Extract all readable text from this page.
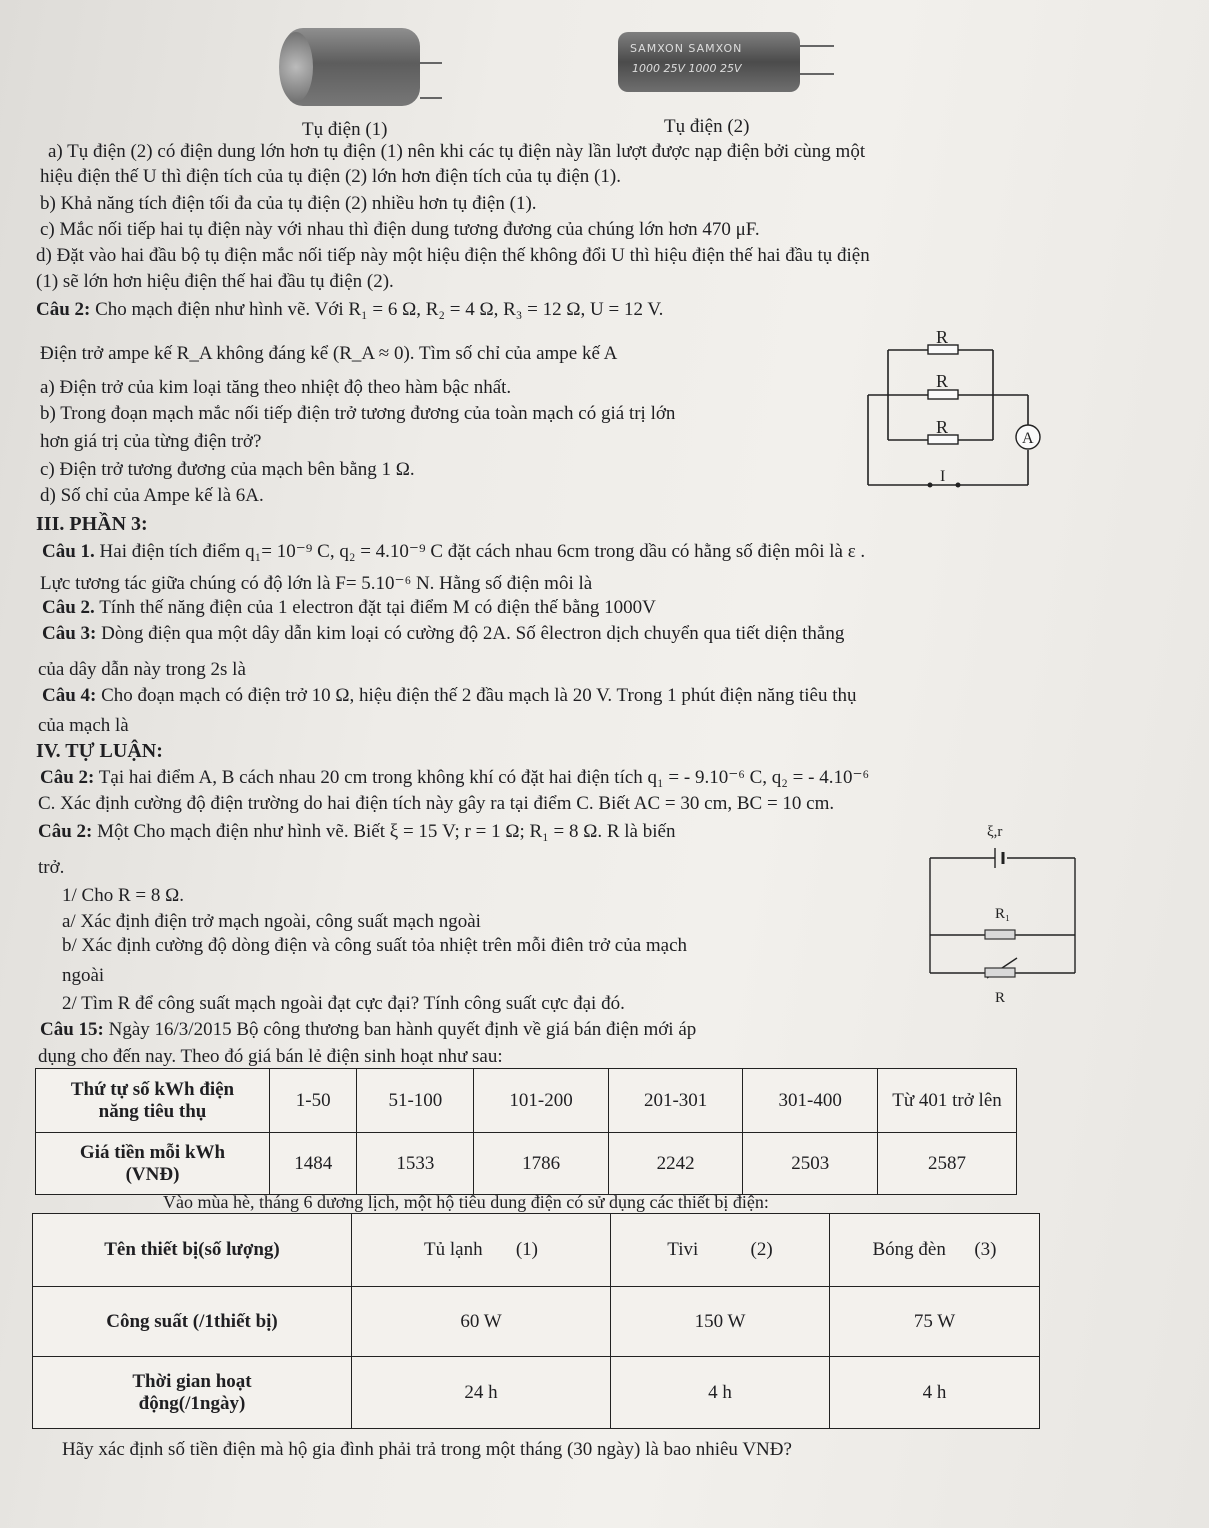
SAMXON SAMXON
1000 25V 1000 25V
Tụ điện (1)	Tụ điện (2)
a) Tụ điện (2) có điện dung lớn hơn tụ điện (1) nên khi các tụ điện này lần lượt được nạp điện bởi cùng một
hiệu điện thế U thì điện tích của tụ điện (2) lớn hơn điện tích của tụ điện (1).
b) Khả năng tích điện tối đa của tụ điện (2) nhiều hơn tụ điện (1).
c) Mắc nối tiếp hai tụ điện này với nhau thì điện dung tương đương của chúng lớn hơn 470 μF.
d) Đặt vào hai đầu bộ tụ điện mắc nối tiếp này một hiệu điện thế không đổi U thì hiệu điện thế hai đầu tụ điện
(1) sẽ lớn hơn hiệu điện thế hai đầu tụ điện (2).
Câu 2: Cho mạch điện như hình vẽ. Với R₁ = 6 Ω, R₂ = 4 Ω, R₃ = 12 Ω, U = 12 V.
Điện trở ampe kế R_A không đáng kể (R_A ≈ 0). Tìm số chỉ của ampe kế A
a) Điện trở của kim loại tăng theo nhiệt độ theo hàm bậc nhất.
b) Trong đoạn mạch mắc nối tiếp điện trở tương đương của toàn mạch có giá trị lớn
hơn giá trị của từng điện trở?
c) Điện trở tương đương của mạch bên bằng 1 Ω.
d) Số chỉ của Ampe kế là 6A.
R
R
R
A
I
III. PHẦN 3:
Câu 1. Hai điện tích điểm q₁= 10⁻⁹ C, q₂ = 4.10⁻⁹ C đặt cách nhau 6cm trong dầu có hằng số điện môi là ε .
Lực tương tác giữa chúng có độ lớn là F= 5.10⁻⁶ N. Hằng số điện môi là
Câu 2. Tính thế năng điện của 1 electron đặt tại điểm M có điện thế bằng 1000V
Câu 3: Dòng điện qua một dây dẫn kim loại có cường độ 2A. Số êlectron dịch chuyển qua tiết diện thẳng
của dây dẫn này trong 2s là
Câu 4: Cho đoạn mạch có điện trở 10 Ω, hiệu điện thế 2 đầu mạch là 20 V. Trong 1 phút điện năng tiêu thụ
của mạch là
IV. TỰ LUẬN:
Câu 2: Tại hai điểm A, B cách nhau 20 cm trong không khí có đặt hai điện tích q₁ = - 9.10⁻⁶ C, q₂ = - 4.10⁻⁶
C. Xác định cường độ điện trường do hai điện tích này gây ra tại điểm C. Biết AC = 30 cm, BC = 10 cm.
Câu 2: Một Cho mạch điện như hình vẽ. Biết ξ = 15 V; r = 1 Ω; R₁ = 8 Ω. R là biến
trở.
1/ Cho R = 8 Ω.
a/ Xác định điện trở mạch ngoài, công suất mạch ngoài
b/ Xác định cường độ dòng điện và công suất tỏa nhiệt trên mỗi điên trở của mạch
ngoài
2/ Tìm R để công suất mạch ngoài đạt cực đại? Tính công suất cực đại đó.
ξ,r
R₁
R
Câu 15: Ngày 16/3/2015 Bộ công thương ban hành quyết định về giá bán điện mới áp
dụng cho đến nay. Theo đó giá bán lẻ điện sinh hoạt như sau:
Thứ tự số kWh điện
năng tiêu thụ	1-50	51-100	101-200	201-301	301-400	Từ 401 trở lên

Giá tiền mỗi kWh
(VNĐ)	1484	1533	1786	2242	2503	2587
Vào mùa hè, tháng 6 dương lịch, một hộ tiêu dung điện có sử dụng các thiết bị điện:
Tên thiết bị(số lượng)	Tủ lạnh (1)	Tivi (2)	Bóng đèn (3)
Công suất (/1thiết bị)	60 W	150 W	75 W

Thời gian hoạt
động(/1ngày)	24 h	4 h	4 h
Hãy xác định số tiền điện mà hộ gia đình phải trả trong một tháng (30 ngày) là bao nhiêu VNĐ?
